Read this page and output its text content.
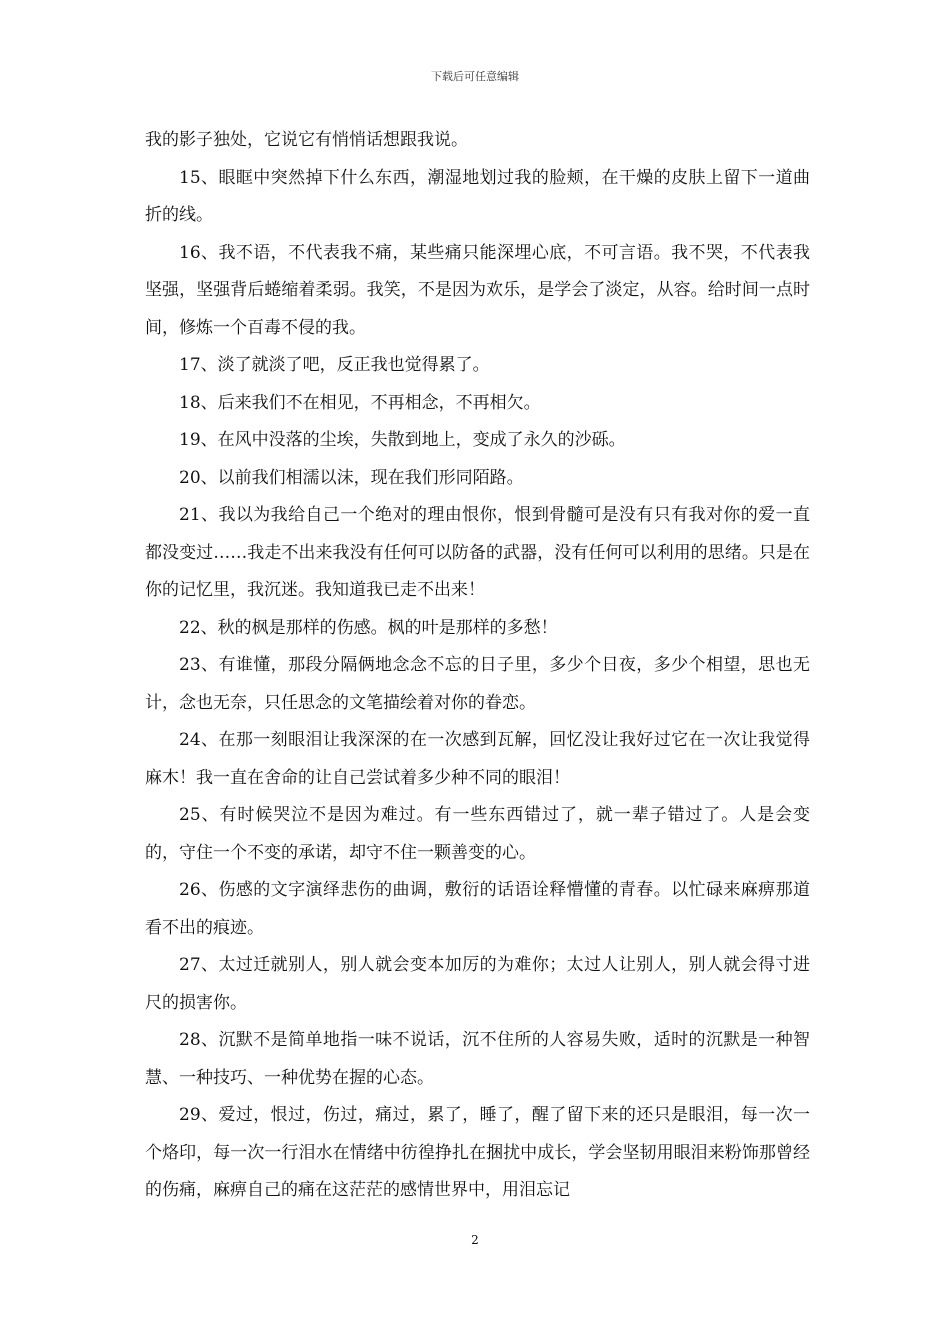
下载后可任意编辑

我的影子独处，它说它有悄悄话想跟我说。

15、眼眶中突然掉下什么东西，潮湿地划过我的脸颊，在干燥的皮肤上留下一道曲折的线。

16、我不语，不代表我不痛，某些痛只能深埋心底，不可言语。我不哭，不代表我坚强，坚强背后蜷缩着柔弱。我笑，不是因为欢乐，是学会了淡定，从容。给时间一点时间，修炼一个百毒不侵的我。

17、淡了就淡了吧，反正我也觉得累了。

18、后来我们不在相见，不再相念，不再相欠。

19、在风中没落的尘埃，失散到地上，变成了永久的沙砾。

20、以前我们相濡以沫，现在我们形同陌路。

21、我以为我给自己一个绝对的理由恨你，恨到骨髓可是没有只有我对你的爱一直都没变过……我走不出来我没有任何可以防备的武器，没有任何可以利用的思绪。只是在你的记忆里，我沉迷。我知道我已走不出来！

22、秋的枫是那样的伤感。枫的叶是那样的多愁！

23、有谁懂，那段分隔俩地念念不忘的日子里，多少个日夜，多少个相望，思也无计，念也无奈，只任思念的文笔描绘着对你的眷恋。

24、在那一刻眼泪让我深深的在一次感到瓦解，回忆没让我好过它在一次让我觉得麻木！我一直在舍命的让自己尝试着多少种不同的眼泪！

25、有时候哭泣不是因为难过。有一些东西错过了，就一辈子错过了。人是会变的，守住一个不变的承诺，却守不住一颗善变的心。

26、伤感的文字演绎悲伤的曲调，敷衍的话语诠释懵懂的青春。以忙碌来麻痹那道看不出的痕迹。

27、太过迁就别人，别人就会变本加厉的为难你；太过人让别人，别人就会得寸进尺的损害你。

28、沉默不是简单地指一味不说话，沉不住所的人容易失败，适时的沉默是一种智慧、一种技巧、一种优势在握的心态。

29、爱过，恨过，伤过，痛过，累了，睡了，醒了留下来的还只是眼泪，每一次一个烙印，每一次一行泪水在情绪中彷徨挣扎在捆扰中成长，学会坚韧用眼泪来粉饰那曾经的伤痛，麻痹自己的痛在这茫茫的感情世界中，用泪忘记

2
